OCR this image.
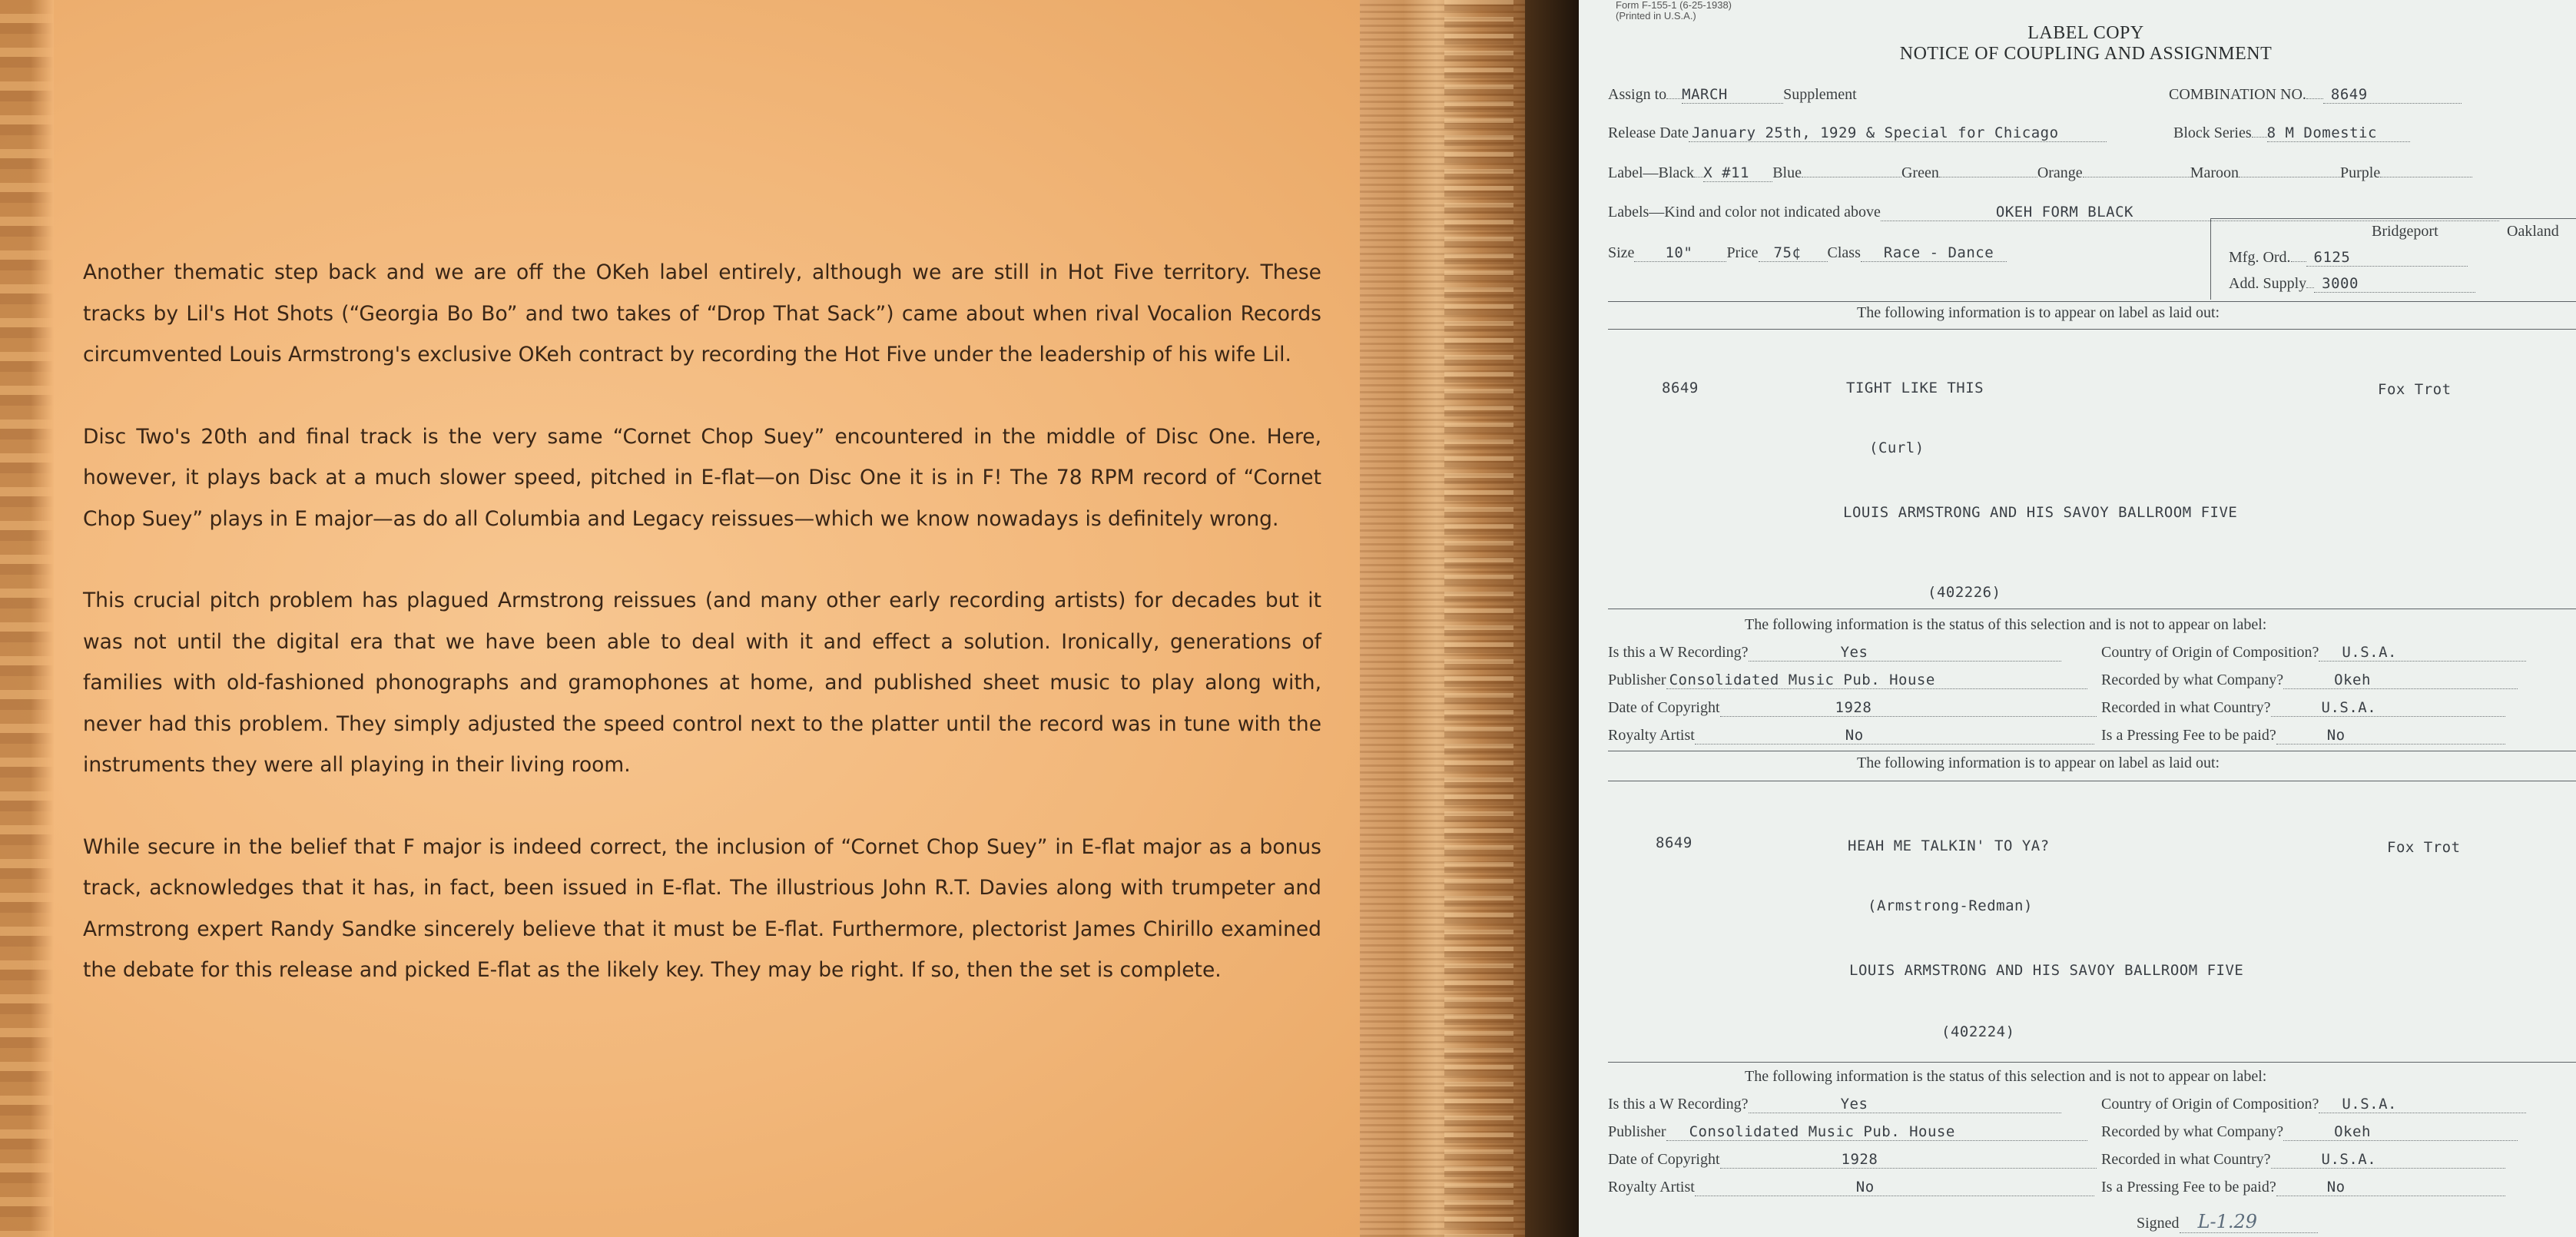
Another thematic step back and we are off the OKeh label entirely, although we are still in Hot Five territory. These tracks by Lil's Hot Shots (“Georgia Bo Bo” and two takes of “Drop That Sack”) came about when rival Vocalion Records circumvented Louis Armstrong's exclusive OKeh contract by recording the Hot Five under the leadership of his wife Lil.

Disc Two's 20th and final track is the very same “Cornet Chop Suey” encountered in the middle of Disc One. Here, however, it plays back at a much slower speed, pitched in E-flat—on Disc One it is in F! The 78 RPM record of “Cornet Chop Suey” plays in E major—as do all Columbia and Legacy reissues—which we know nowadays is definitely wrong.

This crucial pitch problem has plagued Armstrong reissues (and many other early recording artists) for decades but it was not until the digital era that we have been able to deal with it and effect a solution. Ironically, generations of families with old-fashioned phonographs and gramophones at home, and published sheet music to play along with, never had this problem. They simply adjusted the speed control next to the platter until the record was in tune with the instruments they were all playing in their living room.

While secure in the belief that F major is indeed correct, the inclusion of “Cornet Chop Suey” in E-flat major as a bonus track, acknowledges that it has, in fact, been issued in E-flat. The illustrious John R.T. Davies along with trumpeter and Armstrong expert Randy Sandke sincerely believe that it must be E-flat. Furthermore, plectorist James Chirillo examined the debate for this release and picked E-flat as the likely key. They may be right. If so, then the set is complete.

Form F-155-1 (6-25-1938)
(Printed in U.S.A.)
LABEL COPY
NOTICE OF COUPLING AND ASSIGNMENT
Assign to MARCH	Supplement	COMBINATION NO. 8649
Release Date January 25th, 1929 & Special for Chicago	Block Series 8 M Domestic
Label—Black X #11 Blue	Green	Orange	Maroon	Purple
Labels—Kind and color not indicated above	OKEH FORM BLACK
Size 10" Price 75¢ Class Race - Dance
Bridgeport	Oakland
Mfg. Ord. 6125
Add. Supply 3000
The following information is to appear on label as laid out:
8649	TIGHT LIKE THIS	Fox Trot
(Curl)
LOUIS ARMSTRONG AND HIS SAVOY BALLROOM FIVE
(402226)
The following information is the status of this selection and is not to appear on label:
Is this a W Recording?	Yes	Country of Origin of Composition? U.S.A.
Publisher Consolidated Music Pub. House	Recorded by what Company?	Okeh
Date of Copyright	1928	Recorded in what Country?	U.S.A.
Royalty Artist	No	Is a Pressing Fee to be paid?	No
The following information is to appear on label as laid out:
8649	HEAH ME TALKIN' TO YA?	Fox Trot
(Armstrong-Redman)
LOUIS ARMSTRONG AND HIS SAVOY BALLROOM FIVE
(402224)
The following information is the status of this selection and is not to appear on label:
Is this a W Recording?	Yes	Country of Origin of Composition? U.S.A.
Publisher Consolidated Music Pub. House	Recorded by what Company?	Okeh
Date of Copyright	1928	Recorded in what Country?	U.S.A.
Royalty Artist	No	Is a Pressing Fee to be paid?	No
Signed L-1.29
